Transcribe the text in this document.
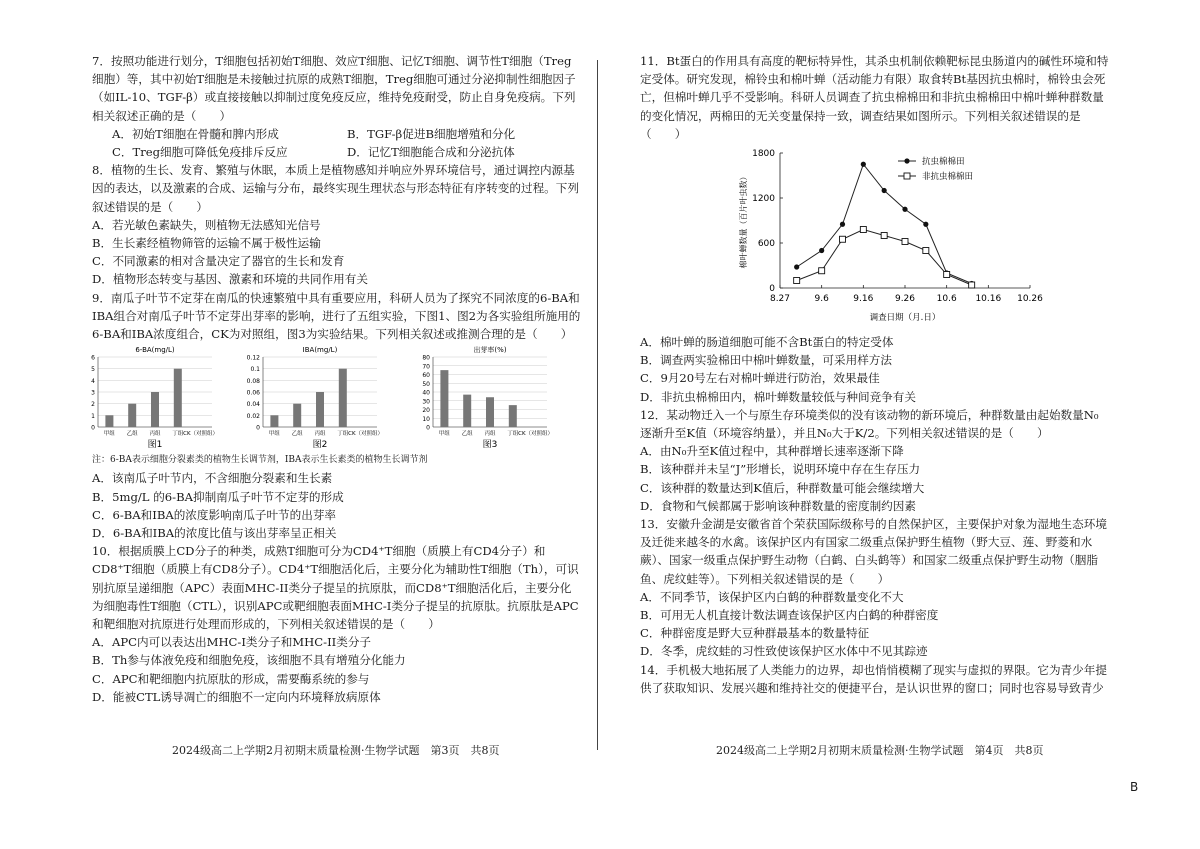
7．按照功能进行划分，T细胞包括初始T细胞、效应T细胞、记忆T细胞、调节性T细胞（Treg细胞）等，其中初始T细胞是未接触过抗原的成熟T细胞，Treg细胞可通过分泌抑制性细胞因子（如IL-10、TGF-β）或直接接触以抑制过度免疫反应，维持免疫耐受，防止自身免疫病。下列相关叙述正确的是（　　）

A．初始T细胞在骨髓和脾内形成	B．TGF-β促进B细胞增殖和分化
C．Treg细胞可降低免疫排斥反应	D．记忆T细胞能合成和分泌抗体

8．植物的生长、发育、繁殖与休眠，本质上是植物感知并响应外界环境信号，通过调控内源基因的表达，以及激素的合成、运输与分布，最终实现生理状态与形态特征有序转变的过程。下列叙述错误的是（　　）

A．若光敏色素缺失，则植物无法感知光信号

B．生长素经植物筛管的运输不属于极性运输

C．不同激素的相对含量决定了器官的生长和发育

D．植物形态转变与基因、激素和环境的共同作用有关

9．南瓜子叶节不定芽在南瓜的快速繁殖中具有重要应用，科研人员为了探究不同浓度的6-BA和IBA组合对南瓜子叶节不定芽出芽率的影响，进行了五组实验，下图1、图2为各实验组所施用的6-BA和IBA浓度组合，CK为对照组，图3为实验结果。下列相关叙述或推测合理的是（　　）

6-BA(mg/L)
0
1
2
3
4
5
6
甲组 乙组 丙组 丁组 CK（对照组）
图1
IBA(mg/L)
0
0.02
0.04
0.06
0.08
0.1
0.12
甲组 乙组 丙组 丁组 CK（对照组）
图2
出芽率(%)
0
10
20
30
40
50
60
70
80
甲组 乙组 丙组 丁组 CK（对照组）
图3

注：6-BA表示细胞分裂素类的植物生长调节剂，IBA表示生长素类的植物生长调节剂

A．该南瓜子叶节内，不含细胞分裂素和生长素

B．5mg/L 的6-BA抑制南瓜子叶节不定芽的形成

C．6-BA和IBA的浓度影响南瓜子叶节的出芽率

D．6-BA和IBA的浓度比值与该出芽率呈正相关

10．根据质膜上CD分子的种类，成熟T细胞可分为CD4⁺T细胞（质膜上有CD4分子）和CD8⁺T细胞（质膜上有CD8分子）。CD4⁺T细胞活化后，主要分化为辅助性T细胞（Th），可识别抗原呈递细胞（APC）表面MHC-II类分子提呈的抗原肽，而CD8⁺T细胞活化后，主要分化为细胞毒性T细胞（CTL），识别APC或靶细胞表面MHC-I类分子提呈的抗原肽。抗原肽是APC和靶细胞对抗原进行处理而形成的，下列相关叙述错误的是（　　）

A．APC内可以表达出MHC-I类分子和MHC-II类分子

B．Th参与体液免疫和细胞免疫，该细胞不具有增殖分化能力

C．APC和靶细胞内抗原肽的形成，需要酶系统的参与

D．能被CTL诱导凋亡的细胞不一定向内环境释放病原体

2024级高二上学期2月初期末质量检测·生物学试题　第3页　共8页

11．Bt蛋白的作用具有高度的靶标特异性，其杀虫机制依赖靶标昆虫肠道内的碱性环境和特定受体。研究发现，棉铃虫和棉叶蝉（活动能力有限）取食转Bt基因抗虫棉时，棉铃虫会死亡，但棉叶蝉几乎不受影响。科研人员调查了抗虫棉棉田和非抗虫棉棉田中棉叶蝉种群数量的变化情况，两棉田的无关变量保持一致，调查结果如图所示。下列相关叙述错误的是（　　）

0
600
1200
1800
8.27	9.6	9.16 9.26 10.6 10.16 10.26
调查日期（月.日）
棉叶蝉数量（百片叶虫数）
抗虫棉棉田
非抗虫棉棉田

A．棉叶蝉的肠道细胞可能不含Bt蛋白的特定受体

B．调查两实验棉田中棉叶蝉数量，可采用样方法

C．9月20号左右对棉叶蝉进行防治，效果最佳

D．非抗虫棉棉田内，棉叶蝉数量较低与种间竞争有关

12．某动物迁入一个与原生存环境类似的没有该动物的新环境后，种群数量由起始数量N₀逐渐升至K值（环境容纳量），并且N₀大于K/2。下列相关叙述错误的是（　　）

A．由N₀升至K值过程中，其种群增长速率逐渐下降

B．该种群并未呈“J”形增长，说明环境中存在生存压力

C．该种群的数量达到K值后，种群数量可能会继续增大

D．食物和气候都属于影响该种群数量的密度制约因素

13．安徽升金湖是安徽省首个荣获国际级称号的自然保护区，主要保护对象为湿地生态环境及迁徙来越冬的水禽。该保护区内有国家二级重点保护野生植物（野大豆、莲、野菱和水蕨）、国家一级重点保护野生动物（白鹤、白头鹤等）和国家二级重点保护野生动物（胭脂鱼、虎纹蛙等）。下列相关叙述错误的是（　　）

A．不同季节，该保护区内白鹤的种群数量变化不大

B．可用无人机直接计数法调查该保护区内白鹤的种群密度

C．种群密度是野大豆种群最基本的数量特征

D．冬季，虎纹蛙的习性致使该保护区水体中不见其踪迹

14．手机极大地拓展了人类能力的边界，却也悄悄模糊了现实与虚拟的界限。它为青少年提供了获取知识、发展兴趣和维持社交的便捷平台，是认识世界的窗口；同时也容易导致青少

2024级高二上学期2月初期末质量检测·生物学试题　第4页　共8页
B
